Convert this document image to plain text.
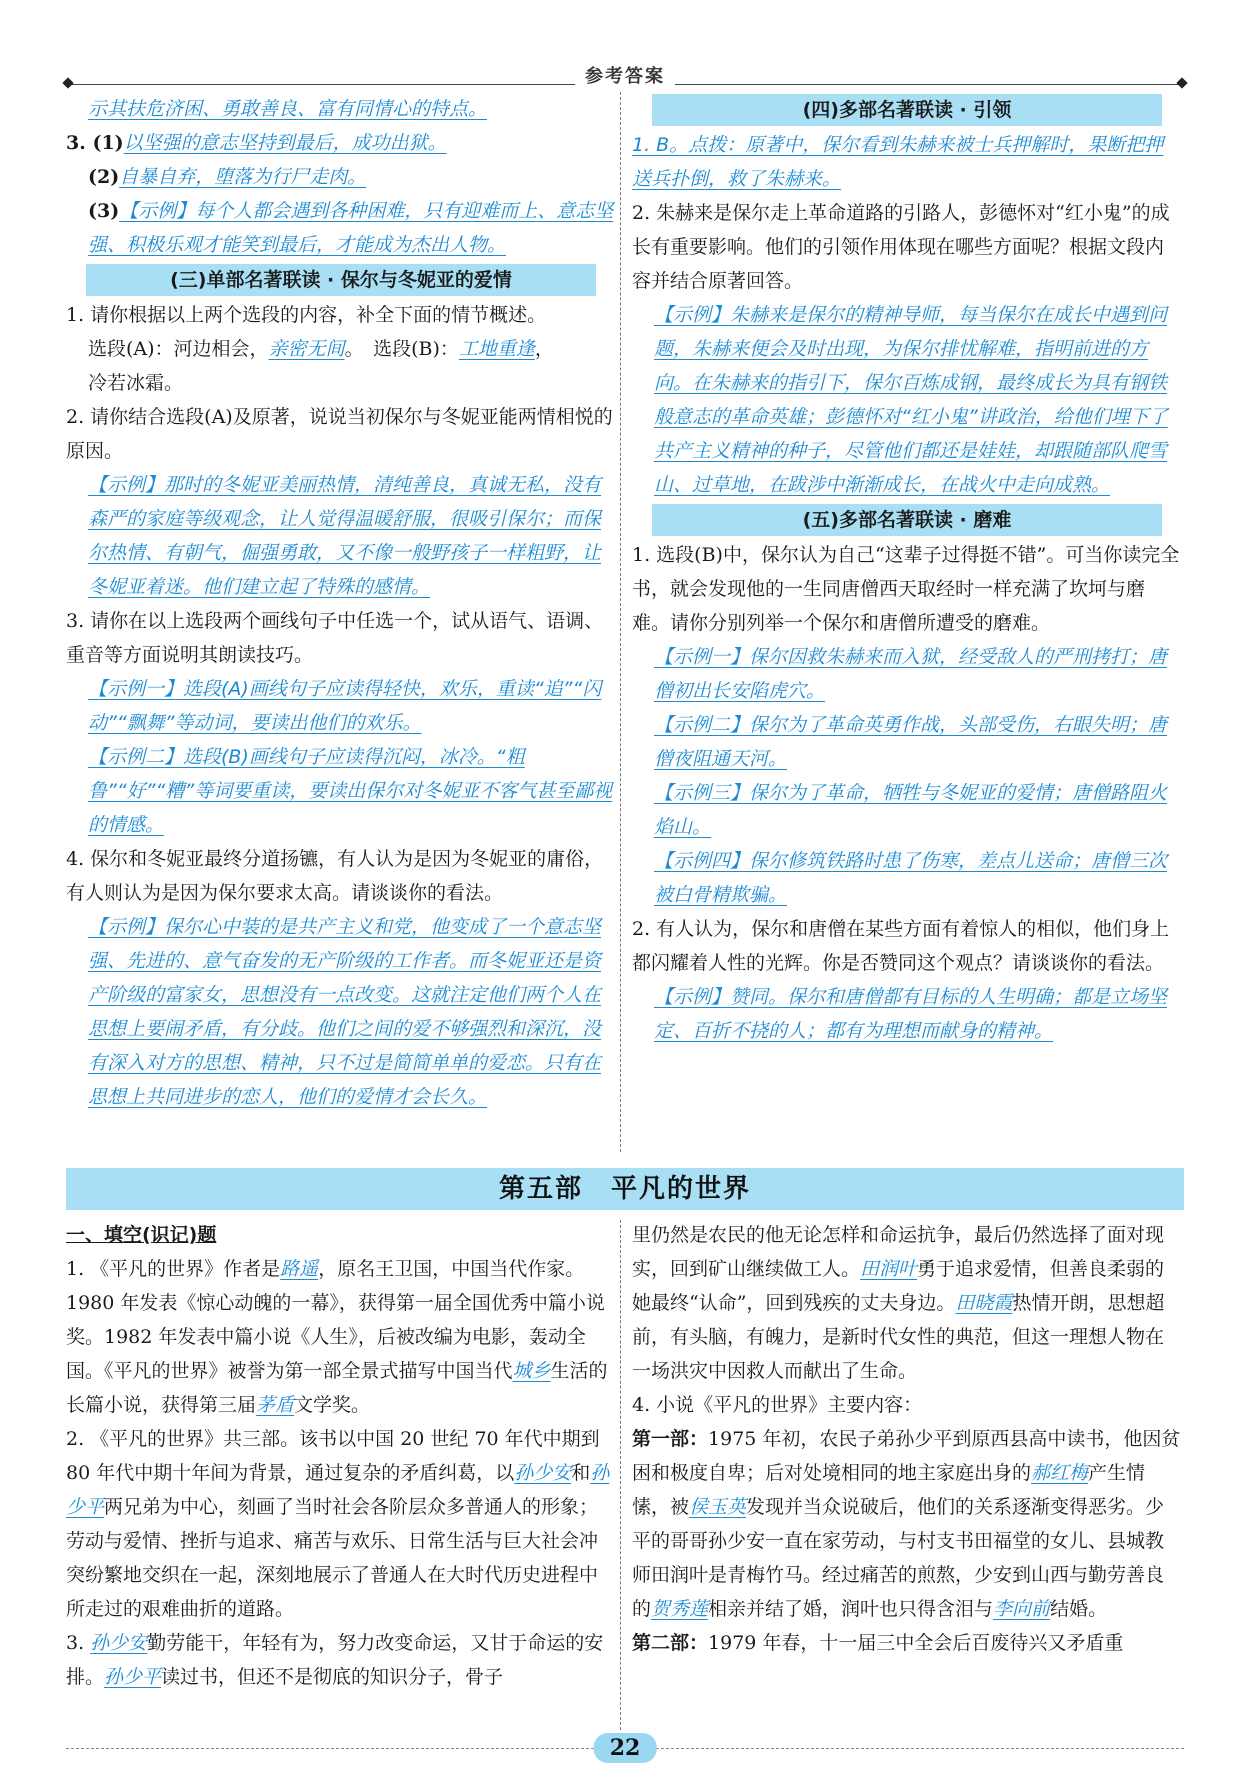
参考答案

示其扶危济困、勇敢善良、富有同情心的特点。

3. (1)以坚强的意志坚持到最后，成功出狱。

(2)自暴自弃，堕落为行尸走肉。

(3)【示例】每个人都会遇到各种困难，只有迎难而上、意志坚强、积极乐观才能笑到最后，才能成为杰出人物。

(三)单部名著联读 · 保尔与冬妮亚的爱情

1. 请你根据以上两个选段的内容，补全下面的情节概述。

选段(A)：河边相会，亲密无间。　选段(B)：工地重逢，

冷若冰霜。

2. 请你结合选段(A)及原著，说说当初保尔与冬妮亚能两情相悦的原因。

【示例】那时的冬妮亚美丽热情，清纯善良，真诚无私，没有森严的家庭等级观念，让人觉得温暖舒服，很吸引保尔；而保尔热情、有朝气，倔强勇敢，又不像一般野孩子一样粗野，让冬妮亚着迷。他们建立起了特殊的感情。

3. 请你在以上选段两个画线句子中任选一个，试从语气、语调、重音等方面说明其朗读技巧。

【示例一】选段(A)画线句子应读得轻快，欢乐，重读“追”“闪动”“飘舞”等动词，要读出他们的欢乐。

【示例二】选段(B)画线句子应读得沉闷，冰冷。“粗鲁”“好”“糟”等词要重读，要读出保尔对冬妮亚不客气甚至鄙视的情感。

4. 保尔和冬妮亚最终分道扬镳，有人认为是因为冬妮亚的庸俗，有人则认为是因为保尔要求太高。请谈谈你的看法。

【示例】保尔心中装的是共产主义和党，他变成了一个意志坚强、先进的、意气奋发的无产阶级的工作者。而冬妮亚还是资产阶级的富家女，思想没有一点改变。这就注定他们两个人在思想上要闹矛盾，有分歧。他们之间的爱不够强烈和深沉，没有深入对方的思想、精神，只不过是简简单单的爱恋。只有在思想上共同进步的恋人，他们的爱情才会长久。

(四)多部名著联读 · 引领

1. B。点拨：原著中，保尔看到朱赫来被士兵押解时，果断把押送兵扑倒，救了朱赫来。

2. 朱赫来是保尔走上革命道路的引路人，彭德怀对“红小鬼”的成长有重要影响。他们的引领作用体现在哪些方面呢？根据文段内容并结合原著回答。

【示例】朱赫来是保尔的精神导师，每当保尔在成长中遇到问题，朱赫来便会及时出现，为保尔排忧解难，指明前进的方向。在朱赫来的指引下，保尔百炼成钢，最终成长为具有钢铁般意志的革命英雄；彭德怀对“红小鬼”讲政治，给他们埋下了共产主义精神的种子，尽管他们都还是娃娃，却跟随部队爬雪山、过草地，在跋涉中渐渐成长，在战火中走向成熟。

(五)多部名著联读 · 磨难

1. 选段(B)中，保尔认为自己“这辈子过得挺不错”。可当你读完全书，就会发现他的一生同唐僧西天取经时一样充满了坎坷与磨难。请你分别列举一个保尔和唐僧所遭受的磨难。

【示例一】保尔因救朱赫来而入狱，经受敌人的严刑拷打；唐僧初出长安陷虎穴。

【示例二】保尔为了革命英勇作战，头部受伤，右眼失明；唐僧夜阻通天河。

【示例三】保尔为了革命，牺牲与冬妮亚的爱情；唐僧路阻火焰山。

【示例四】保尔修筑铁路时患了伤寒，差点儿送命；唐僧三次被白骨精欺骗。

2. 有人认为，保尔和唐僧在某些方面有着惊人的相似，他们身上都闪耀着人性的光辉。你是否赞同这个观点？请谈谈你的看法。

【示例】赞同。保尔和唐僧都有目标的人生明确；都是立场坚定、百折不挠的人；都有为理想而献身的精神。

第五部　平凡的世界

一、填空(识记)题

1. 《平凡的世界》作者是路遥，原名王卫国，中国当代作家。1980 年发表《惊心动魄的一幕》，获得第一届全国优秀中篇小说奖。1982 年发表中篇小说《人生》，后被改编为电影，轰动全国。《平凡的世界》被誉为第一部全景式描写中国当代城乡生活的长篇小说，获得第三届茅盾文学奖。

2. 《平凡的世界》共三部。该书以中国 20 世纪 70 年代中期到 80 年代中期十年间为背景，通过复杂的矛盾纠葛，以孙少安和孙少平两兄弟为中心，刻画了当时社会各阶层众多普通人的形象；劳动与爱情、挫折与追求、痛苦与欢乐、日常生活与巨大社会冲突纷繁地交织在一起，深刻地展示了普通人在大时代历史进程中所走过的艰难曲折的道路。

3. 孙少安勤劳能干，年轻有为，努力改变命运，又甘于命运的安排。孙少平读过书，但还不是彻底的知识分子，骨子

里仍然是农民的他无论怎样和命运抗争，最后仍然选择了面对现实，回到矿山继续做工人。田润叶勇于追求爱情，但善良柔弱的她最终“认命”，回到残疾的丈夫身边。田晓霞热情开朗，思想超前，有头脑，有魄力，是新时代女性的典范，但这一理想人物在一场洪灾中因救人而献出了生命。

4. 小说《平凡的世界》主要内容：

第一部：1975 年初，农民子弟孙少平到原西县高中读书，他因贫困和极度自卑；后对处境相同的地主家庭出身的郝红梅产生情愫，被侯玉英发现并当众说破后，他们的关系逐渐变得恶劣。少平的哥哥孙少安一直在家劳动，与村支书田福堂的女儿、县城教师田润叶是青梅竹马。经过痛苦的煎熬，少安到山西与勤劳善良的贺秀莲相亲并结了婚，润叶也只得含泪与李向前结婚。

第二部：1979 年春，十一届三中全会后百废待兴又矛盾重

22
